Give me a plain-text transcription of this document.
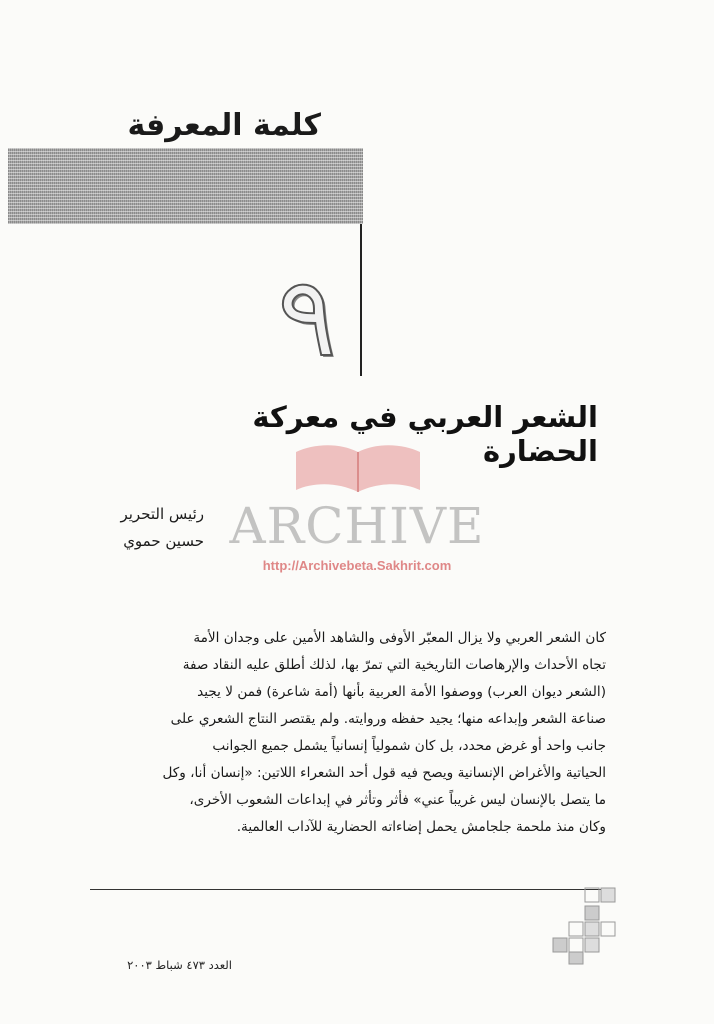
كلمة المعرفة
٩
الشعر العربي في معركة الحضارة
رئيس التحرير
حسين حموي ARCHIVE
http://Archivebeta.Sakhrit.com

كان الشعر العربي ولا يزال المعبّر الأوفى والشاهد الأمين على وجدان الأمة

تجاه الأحداث والإرهاصات التاريخية التي تمرّ بها، لذلك أطلق عليه النقاد صفة

(الشعر ديوان العرب) ووصفوا الأمة العربية بأنها (أمة شاعرة) فمن لا يجيد

صناعة الشعر وإبداعه منها؛ يجيد حفظه وروايته. ولم يقتصر النتاج الشعري على

جانب واحد أو غرض محدد، بل كان شمولياً إنسانياً يشمل جميع الجوانب

الحياتية والأغراض الإنسانية ويصح فيه قول أحد الشعراء اللاتين: «إنسان أنا، وكل

ما يتصل بالإنسان ليس غريباً عني» فأثر وتأثر في إبداعات الشعوب الأخرى،

وكان منذ ملحمة جلجامش يحمل إضاءاته الحضارية للآداب العالمية.

العدد ٤٧٣ شباط ٢٠٠٣
